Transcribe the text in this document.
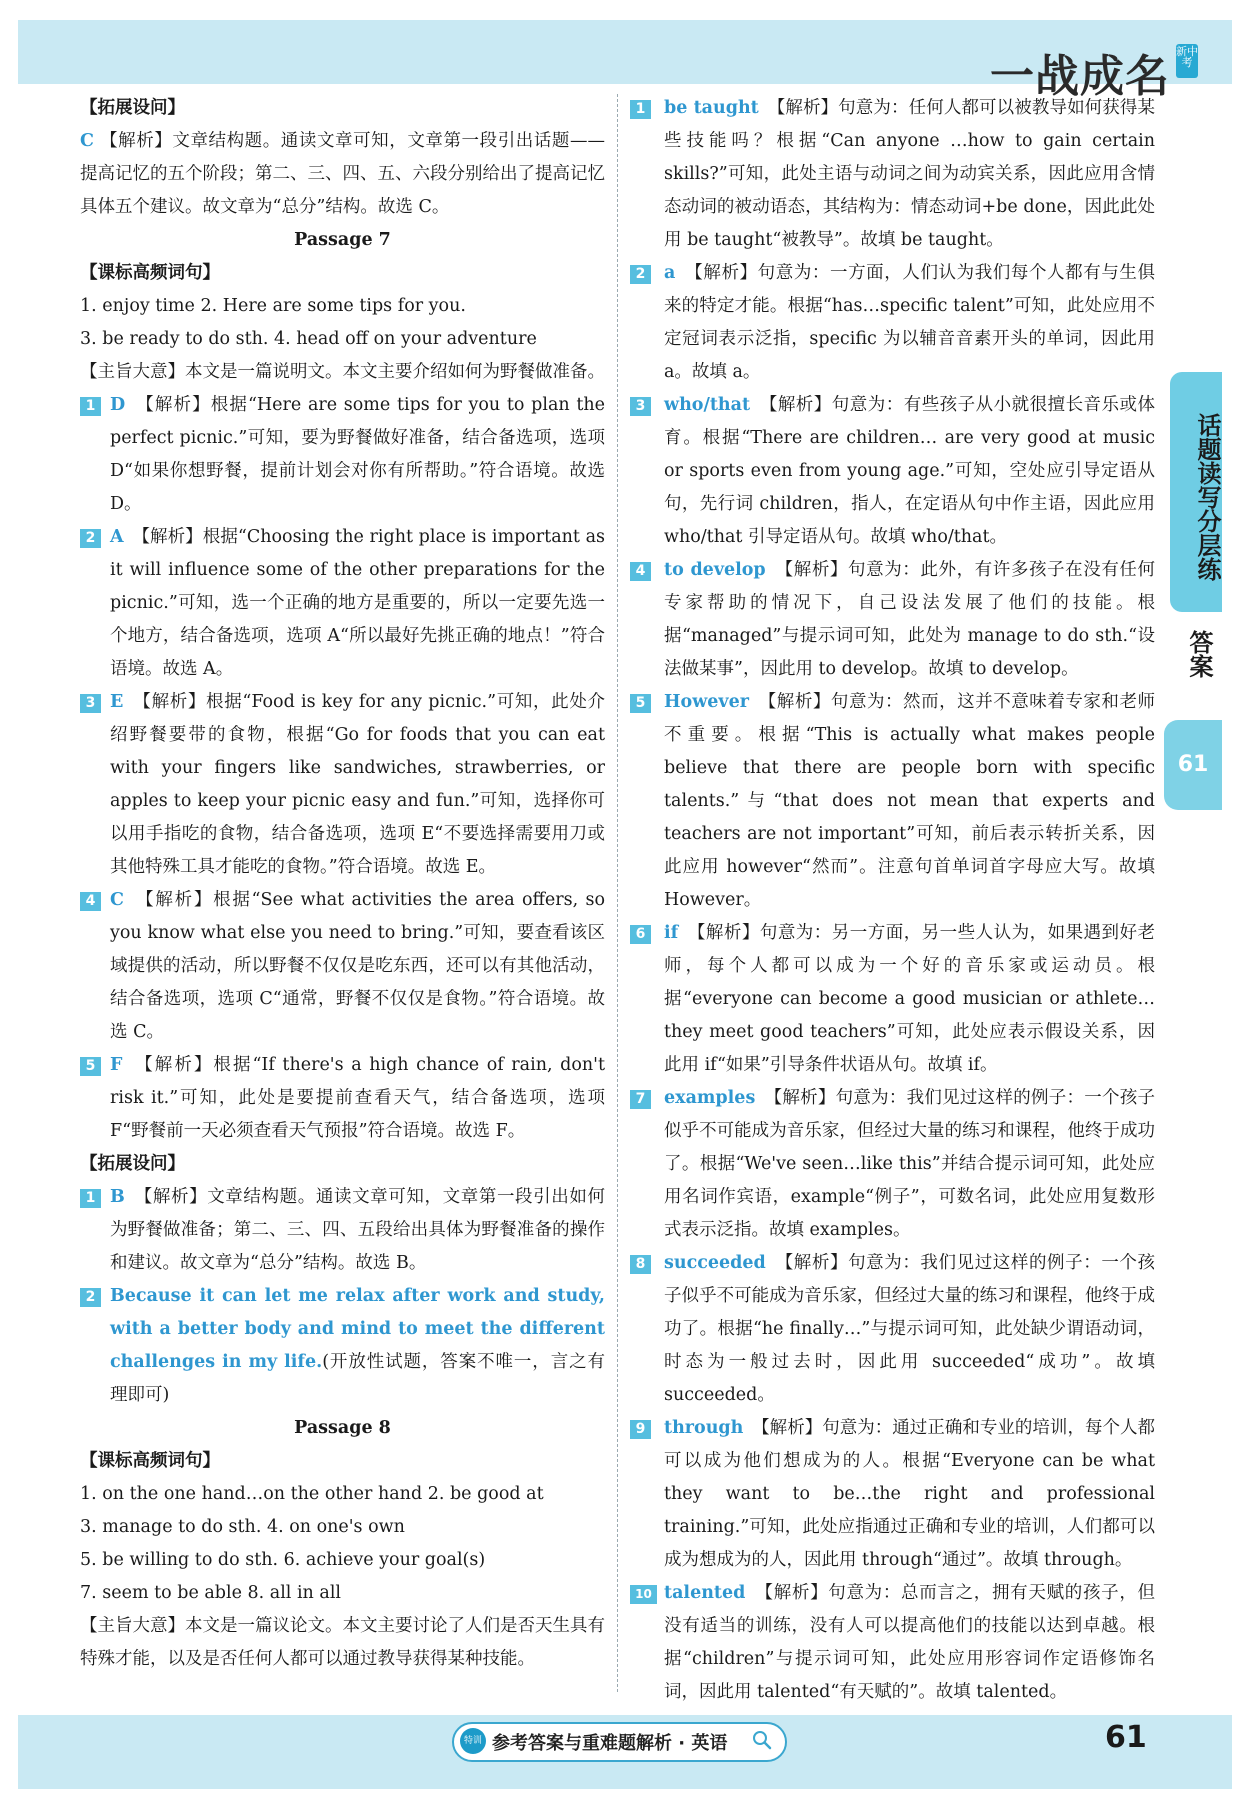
一战成名 新中考
【拓展设问】
C 【解析】文章结构题。通读文章可知，文章第一段引出话题——提高记忆的五个阶段；第二、三、四、五、六段分别给出了提高记忆具体五个建议。故文章为“总分”结构。故选 C。
Passage 7
【课标高频词句】
1. enjoy time 2. Here are some tips for you.
3. be ready to do sth. 4. head off on your adventure
【主旨大意】本文是一篇说明文。本文主要介绍如何为野餐做准备。
1 D　 【解析】根据“Here are some tips for you to plan the perfect picnic.”可知，要为野餐做好准备，结合备选项，选项 D“如果你想野餐，提前计划会对你有所帮助。”符合语境。故选 D。
2 A　 【解析】根据“Choosing the right place is important as it will influence some of the other preparations for the picnic.”可知，选一个正确的地方是重要的，所以一定要先选一个地方，结合备选项，选项 A“所以最好先挑正确的地点！”符合语境。故选 A。
3 E　 【解析】根据“Food is key for any picnic.”可知，此处介绍野餐要带的食物，根据“Go for foods that you can eat with your fingers like sandwiches, strawberries, or apples to keep your picnic easy and fun.”可知，选择你可以用手指吃的食物，结合备选项，选项 E“不要选择需要用刀或其他特殊工具才能吃的食物。”符合语境。故选 E。
4 C　 【解析】根据“See what activities the area offers, so you know what else you need to bring.”可知，要查看该区域提供的活动，所以野餐不仅仅是吃东西，还可以有其他活动，结合备选项，选项 C“通常，野餐不仅仅是食物。”符合语境。故选 C。
5 F　 【解析】根据“If there's a high chance of rain, don't risk it.”可知，此处是要提前查看天气，结合备选项，选项 F“野餐前一天必须查看天气预报”符合语境。故选 F。
【拓展设问】
1 B　 【解析】文章结构题。通读文章可知，文章第一段引出如何为野餐做准备；第二、三、四、五段给出具体为野餐准备的操作和建议。故文章为“总分”结构。故选 B。
2 Because it can let me relax after work and study, with a better body and mind to meet the different challenges in my life.(开放性试题，答案不唯一，言之有理即可)
Passage 8
【课标高频词句】
1. on the one hand…on the other hand 2. be good at
3. manage to do sth. 4. on one's own
5. be willing to do sth. 6. achieve your goal(s)
7. seem to be able 8. all in all
【主旨大意】本文是一篇议论文。本文主要讨论了人们是否天生具有特殊才能，以及是否任何人都可以通过教导获得某种技能。
1	be taught　 【解析】句意为：任何人都可以被教导如何获得某些技能吗？根据“Can anyone …how to gain certain skills?”可知，此处主语与动词之间为动宾关系，因此应用含情态动词的被动语态，其结构为：情态动词+be done，因此此处用 be taught“被教导”。故填 be taught。
2	a　 【解析】句意为：一方面，人们认为我们每个人都有与生俱来的特定才能。根据“has…specific talent”可知，此处应用不定冠词表示泛指，specific 为以辅音音素开头的单词，因此用 a。故填 a。
3	who/that　 【解析】句意为：有些孩子从小就很擅长音乐或体育。根据“There are children… are very good at music or sports even from young age.”可知，空处应引导定语从句，先行词 children，指人，在定语从句中作主语，因此应用 who/that 引导定语从句。故填 who/that。
4	to develop　 【解析】句意为：此外，有许多孩子在没有任何专家帮助的情况下，自己设法发展了他们的技能。根据“managed”与提示词可知，此处为 manage to do sth.“设法做某事”，因此用 to develop。故填 to develop。
5	However　 【解析】句意为：然而，这并不意味着专家和老师不重要。根据“This is actually what makes people believe that there are people born with specific talents.”与“that does not mean that experts and teachers are not important”可知，前后表示转折关系，因此应用 however“然而”。注意句首单词首字母应大写。故填 However。
6	if　 【解析】句意为：另一方面，另一些人认为，如果遇到好老师，每个人都可以成为一个好的音乐家或运动员。根据“everyone can become a good musician or athlete…they meet good teachers”可知，此处应表示假设关系，因此用 if“如果”引导条件状语从句。故填 if。
7	examples　 【解析】句意为：我们见过这样的例子：一个孩子似乎不可能成为音乐家，但经过大量的练习和课程，他终于成功了。根据“We've seen…like this”并结合提示词可知，此处应用名词作宾语，example“例子”，可数名词，此处应用复数形式表示泛指。故填 examples。
8	succeeded　 【解析】句意为：我们见过这样的例子：一个孩子似乎不可能成为音乐家，但经过大量的练习和课程，他终于成功了。根据“he finally…”与提示词可知，此处缺少谓语动词，时态为一般过去时，因此用 succeeded“成功”。故填 succeeded。
9	through　 【解析】句意为：通过正确和专业的培训，每个人都可以成为他们想成为的人。根据“Everyone can be what they want to be…the right and professional training.”可知，此处应指通过正确和专业的培训，人们都可以成为想成为的人，因此用 through“通过”。故填 through。
10 talented　 【解析】句意为：总而言之，拥有天赋的孩子，但没有适当的训练，没有人可以提高他们的技能以达到卓越。根据“children”与提示词可知，此处应用形容词作定语修饰名词，因此用 talented“有天赋的”。故填 talented。
话题读写分层练
答案
61
特训 参考答案与重难题解析 · 英语	61
